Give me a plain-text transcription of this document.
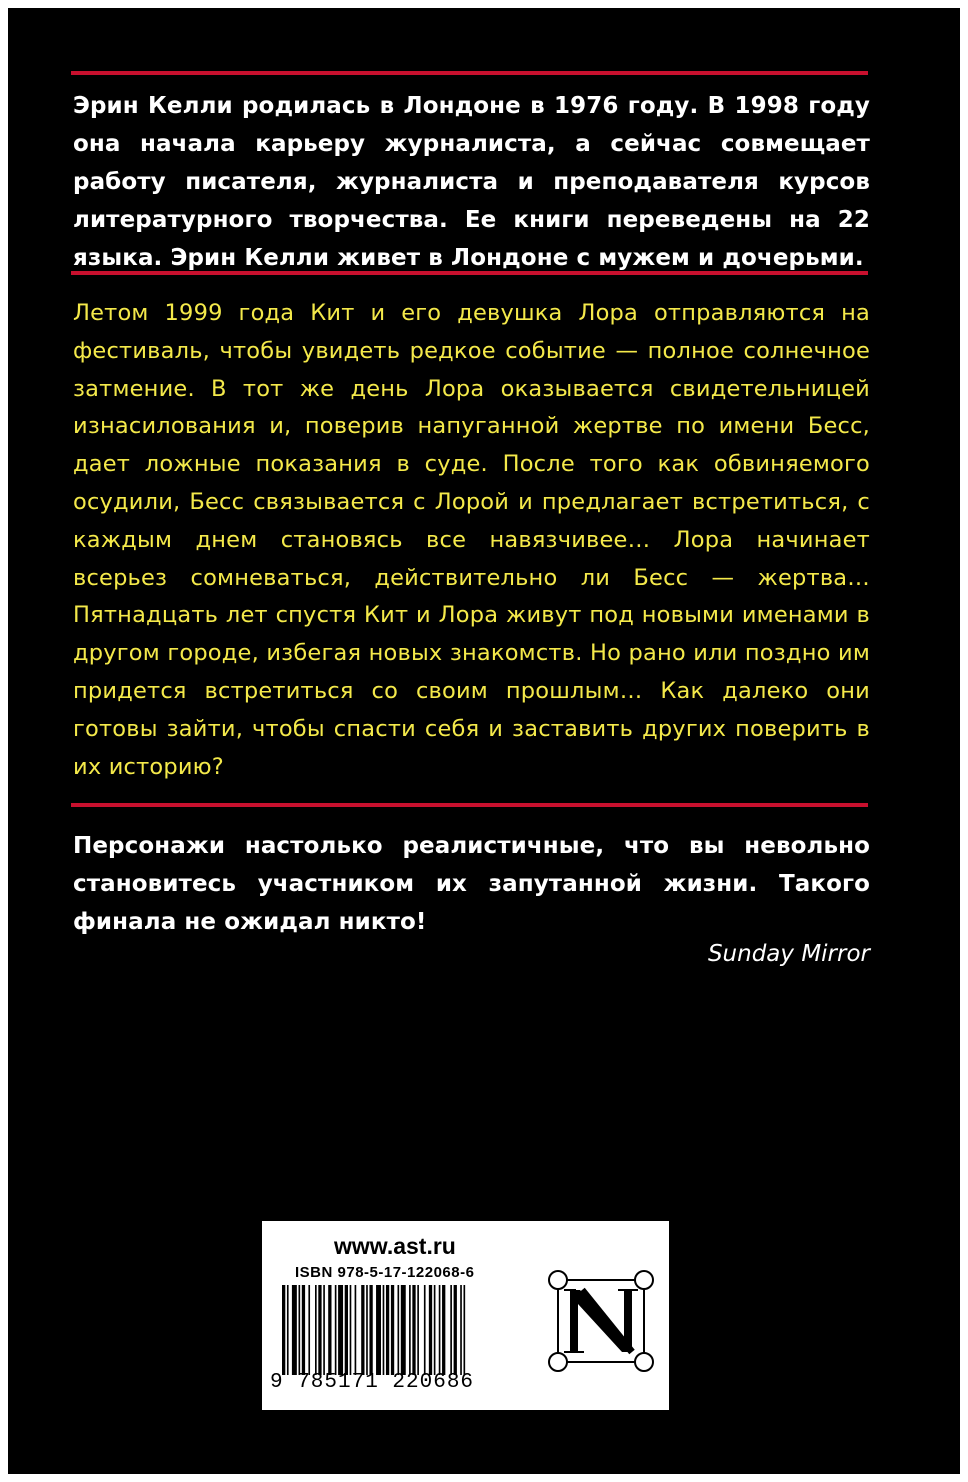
Эрин Келли родилась в Лондоне в 1976 году. В 1998 году она начала карьеру журналиста, а сейчас совмещает работу писателя, журналиста и преподавателя курсов литературного творчества. Ее книги переведены на 22 языка. Эрин Келли живет в Лондоне с мужем и дочерьми.

Летом 1999 года Кит и его девушка Лора отправляются на фестиваль, чтобы увидеть редкое событие — полное солнечное затмение. В тот же день Лора оказывается свидетельницей изнасилования и, поверив напуганной жертве по имени Бесс, дает ложные показания в суде. После того как обвиняемого осудили, Бесс связывается с Лорой и предлагает встретиться, с каждым днем становясь все навязчивее… Лора начинает всерьез сомневаться, действительно ли Бесс — жертва… Пятнадцать лет спустя Кит и Лора живут под новыми именами в другом городе, избегая новых знакомств. Но рано или поздно им придется встретиться со своим прошлым… Как далеко они готовы зайти, чтобы спасти себя и заставить других поверить в их историю?

Персонажи настолько реалистичные, что вы невольно становитесь участником их запутанной жизни. Такого финала не ожидал никто!

Sunday Mirror
www.ast.ru
ISBN 978-5-17-122068-6
9 785171 220686
